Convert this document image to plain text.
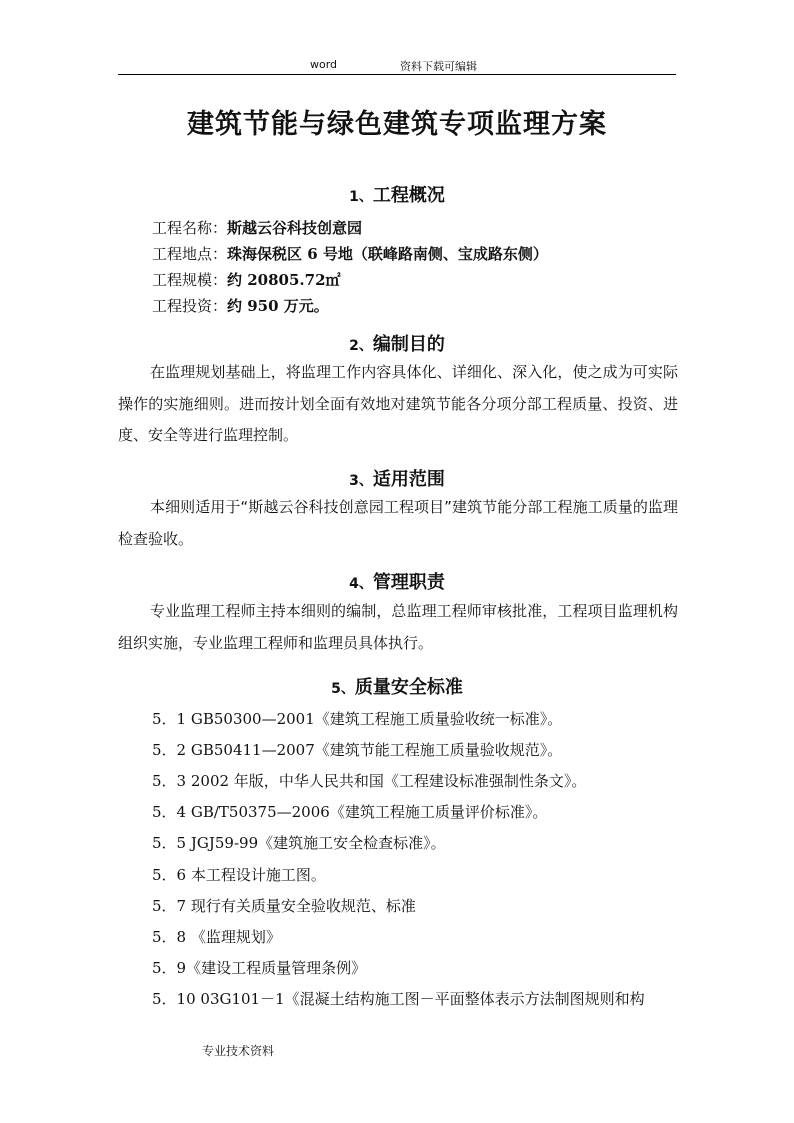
word	资料下载可编辑
建筑节能与绿色建筑专项监理方案
1、工程概况
工程名称：斯越云谷科技创意园
工程地点：珠海保税区 6 号地（联峰路南侧、宝成路东侧）
工程规模：约 20805.72㎡
工程投资：约 950 万元。
2、编制目的

在监理规划基础上，将监理工作内容具体化、详细化、深入化，使之成为可实际操作的实施细则。进而按计划全面有效地对建筑节能各分项分部工程质量、投资、进度、安全等进行监理控制。

3、适用范围

本细则适用于“斯越云谷科技创意园工程项目”建筑节能分部工程施工质量的监理检查验收。

4、管理职责

专业监理工程师主持本细则的编制，总监理工程师审核批准，工程项目监理机构组织实施，专业监理工程师和监理员具体执行。

5、质量安全标准
5．1 GB50300—2001《建筑工程施工质量验收统一标准》。
5．2 GB50411—2007《建筑节能工程施工质量验收规范》。
5．3 2002 年版，中华人民共和国《工程建设标准强制性条文》。
5．4 GB/T50375—2006《建筑工程施工质量评价标准》。
5．5 JGJ59-99《建筑施工安全检查标准》。
5．6 本工程设计施工图。
5．7 现行有关质量安全验收规范、标准
5．8 《监理规划》
5．9《建设工程质量管理条例》
5．10 03G101－1《混凝土结构施工图－平面整体表示方法制图规则和构
专业技术资料
